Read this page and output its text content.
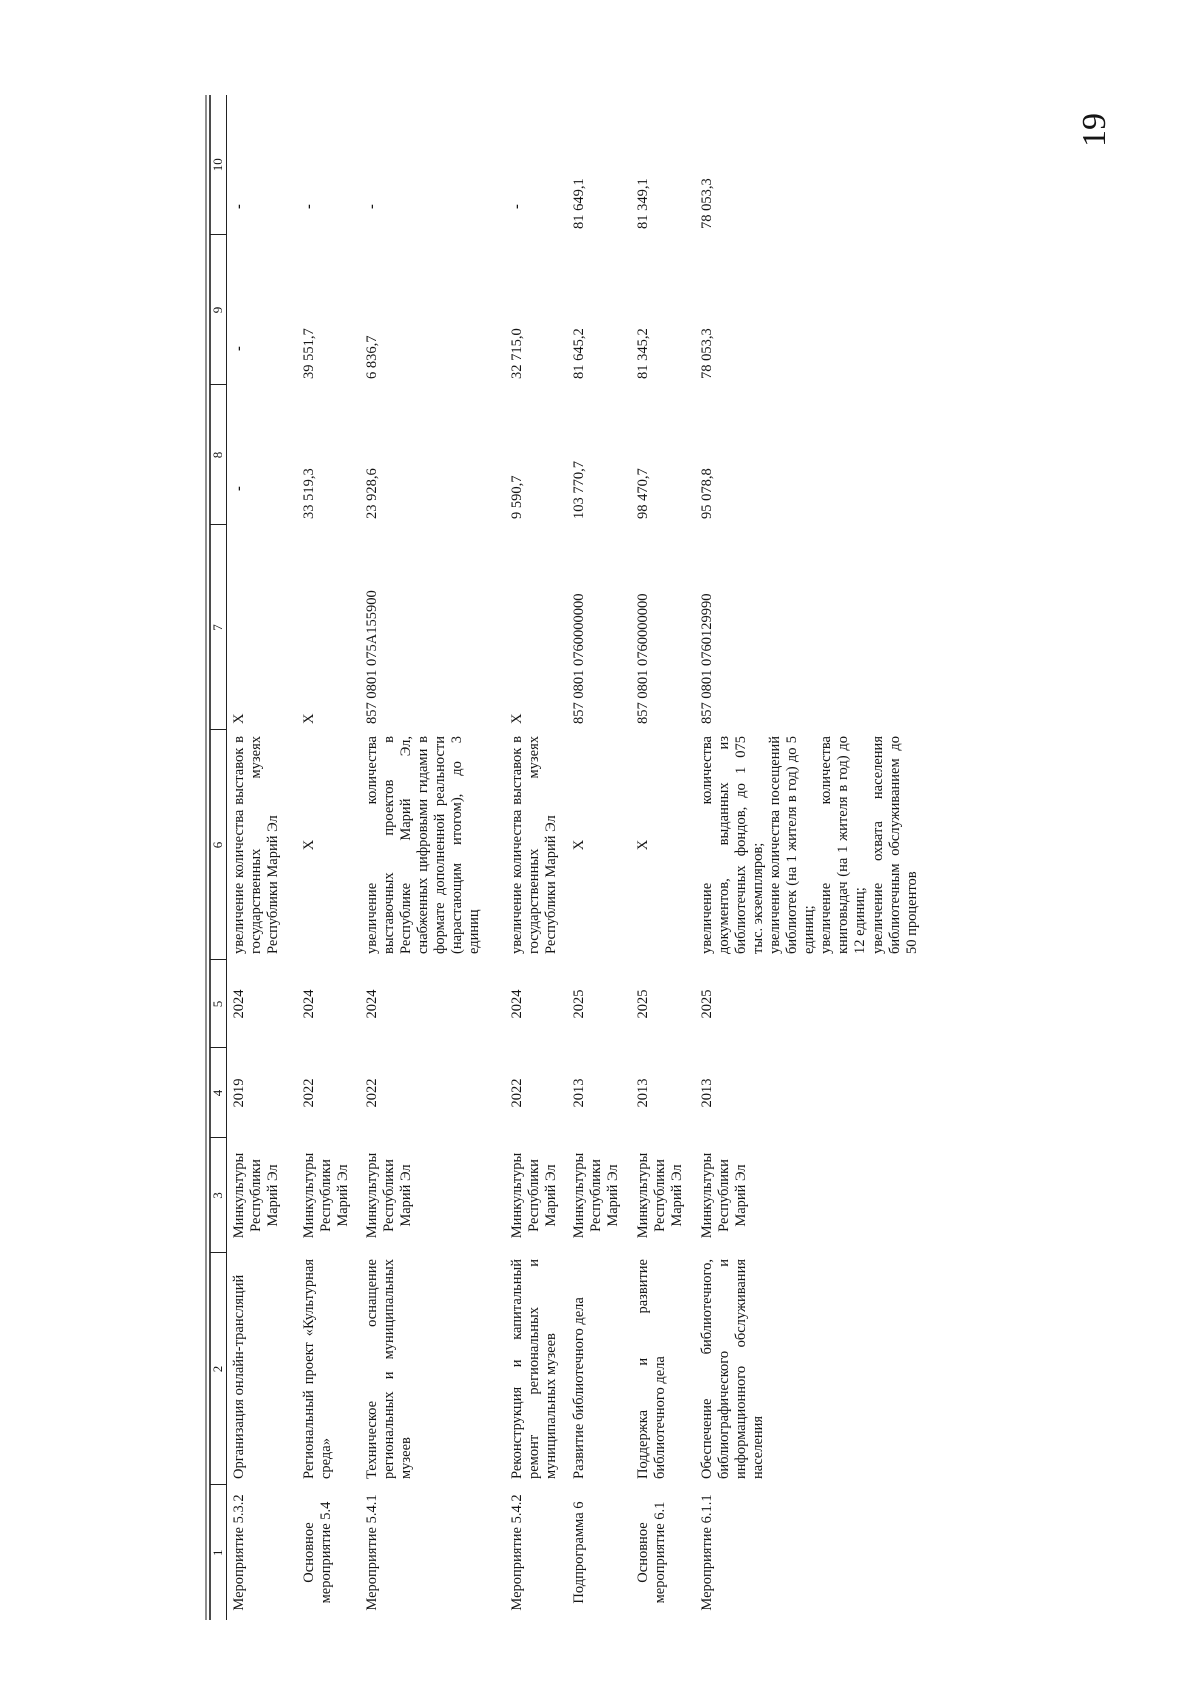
19
1	2	3	4	5	6	7	8	9	10
Мероприятие 5.3.2	Организация онлайн-трансляций	Минкультуры Республики Марий Эл	2019	2024	увеличение количества выставок в государственных музеях Республики Марий Эл	Х	-	-	-
Основное мероприятие 5.4	Региональный проект «Культурная среда»	Минкультуры Республики Марий Эл	2022	2024	Х	Х	33 519,3	39 551,7	-
Мероприятие 5.4.1	Техническое оснащение региональных и муниципальных музеев	Минкультуры Республики Марий Эл	2022	2024	увеличение количества выставочных проектов в Республике Марий Эл, снабженных цифровыми гидами в формате дополненной реальности (нарастающим итогом), до 3 единиц	857 0801 075А155900	23 928,6	6 836,7	-
Мероприятие 5.4.2	Реконструкция и капитальный ремонт региональных и муниципальных музеев	Минкультуры Республики Марий Эл	2022	2024	увеличение количества выставок в государственных музеях Республики Марий Эл	Х	9 590,7	32 715,0	-
Подпрограмма 6	Развитие библиотечного дела	Минкультуры Республики Марий Эл	2013	2025	Х	857 0801 0760000000	103 770,7	81 645,2	81 649,1
Основное мероприятие 6.1	Поддержка и развитие библиотечного дела	Минкультуры Республики Марий Эл	2013	2025	Х	857 0801 0760000000	98 470,7	81 345,2	81 349,1
Мероприятие 6.1.1	Обеспечение библиотечного, библиографического и информационного обслуживания населения	Минкультуры Республики Марий Эл	2013	2025	увеличение количества документов, выданных из библиотечных фондов, до 1 075 тыс. экземпляров;
увеличение количества посещений библиотек (на 1 жителя в год) до 5 единиц;
увеличение количества книговыдач (на 1 жителя в год) до 12 единиц;
увеличение охвата населения библиотечным обслуживанием до 50 процентов	857 0801 0760129990	95 078,8	78 053,3	78 053,3
